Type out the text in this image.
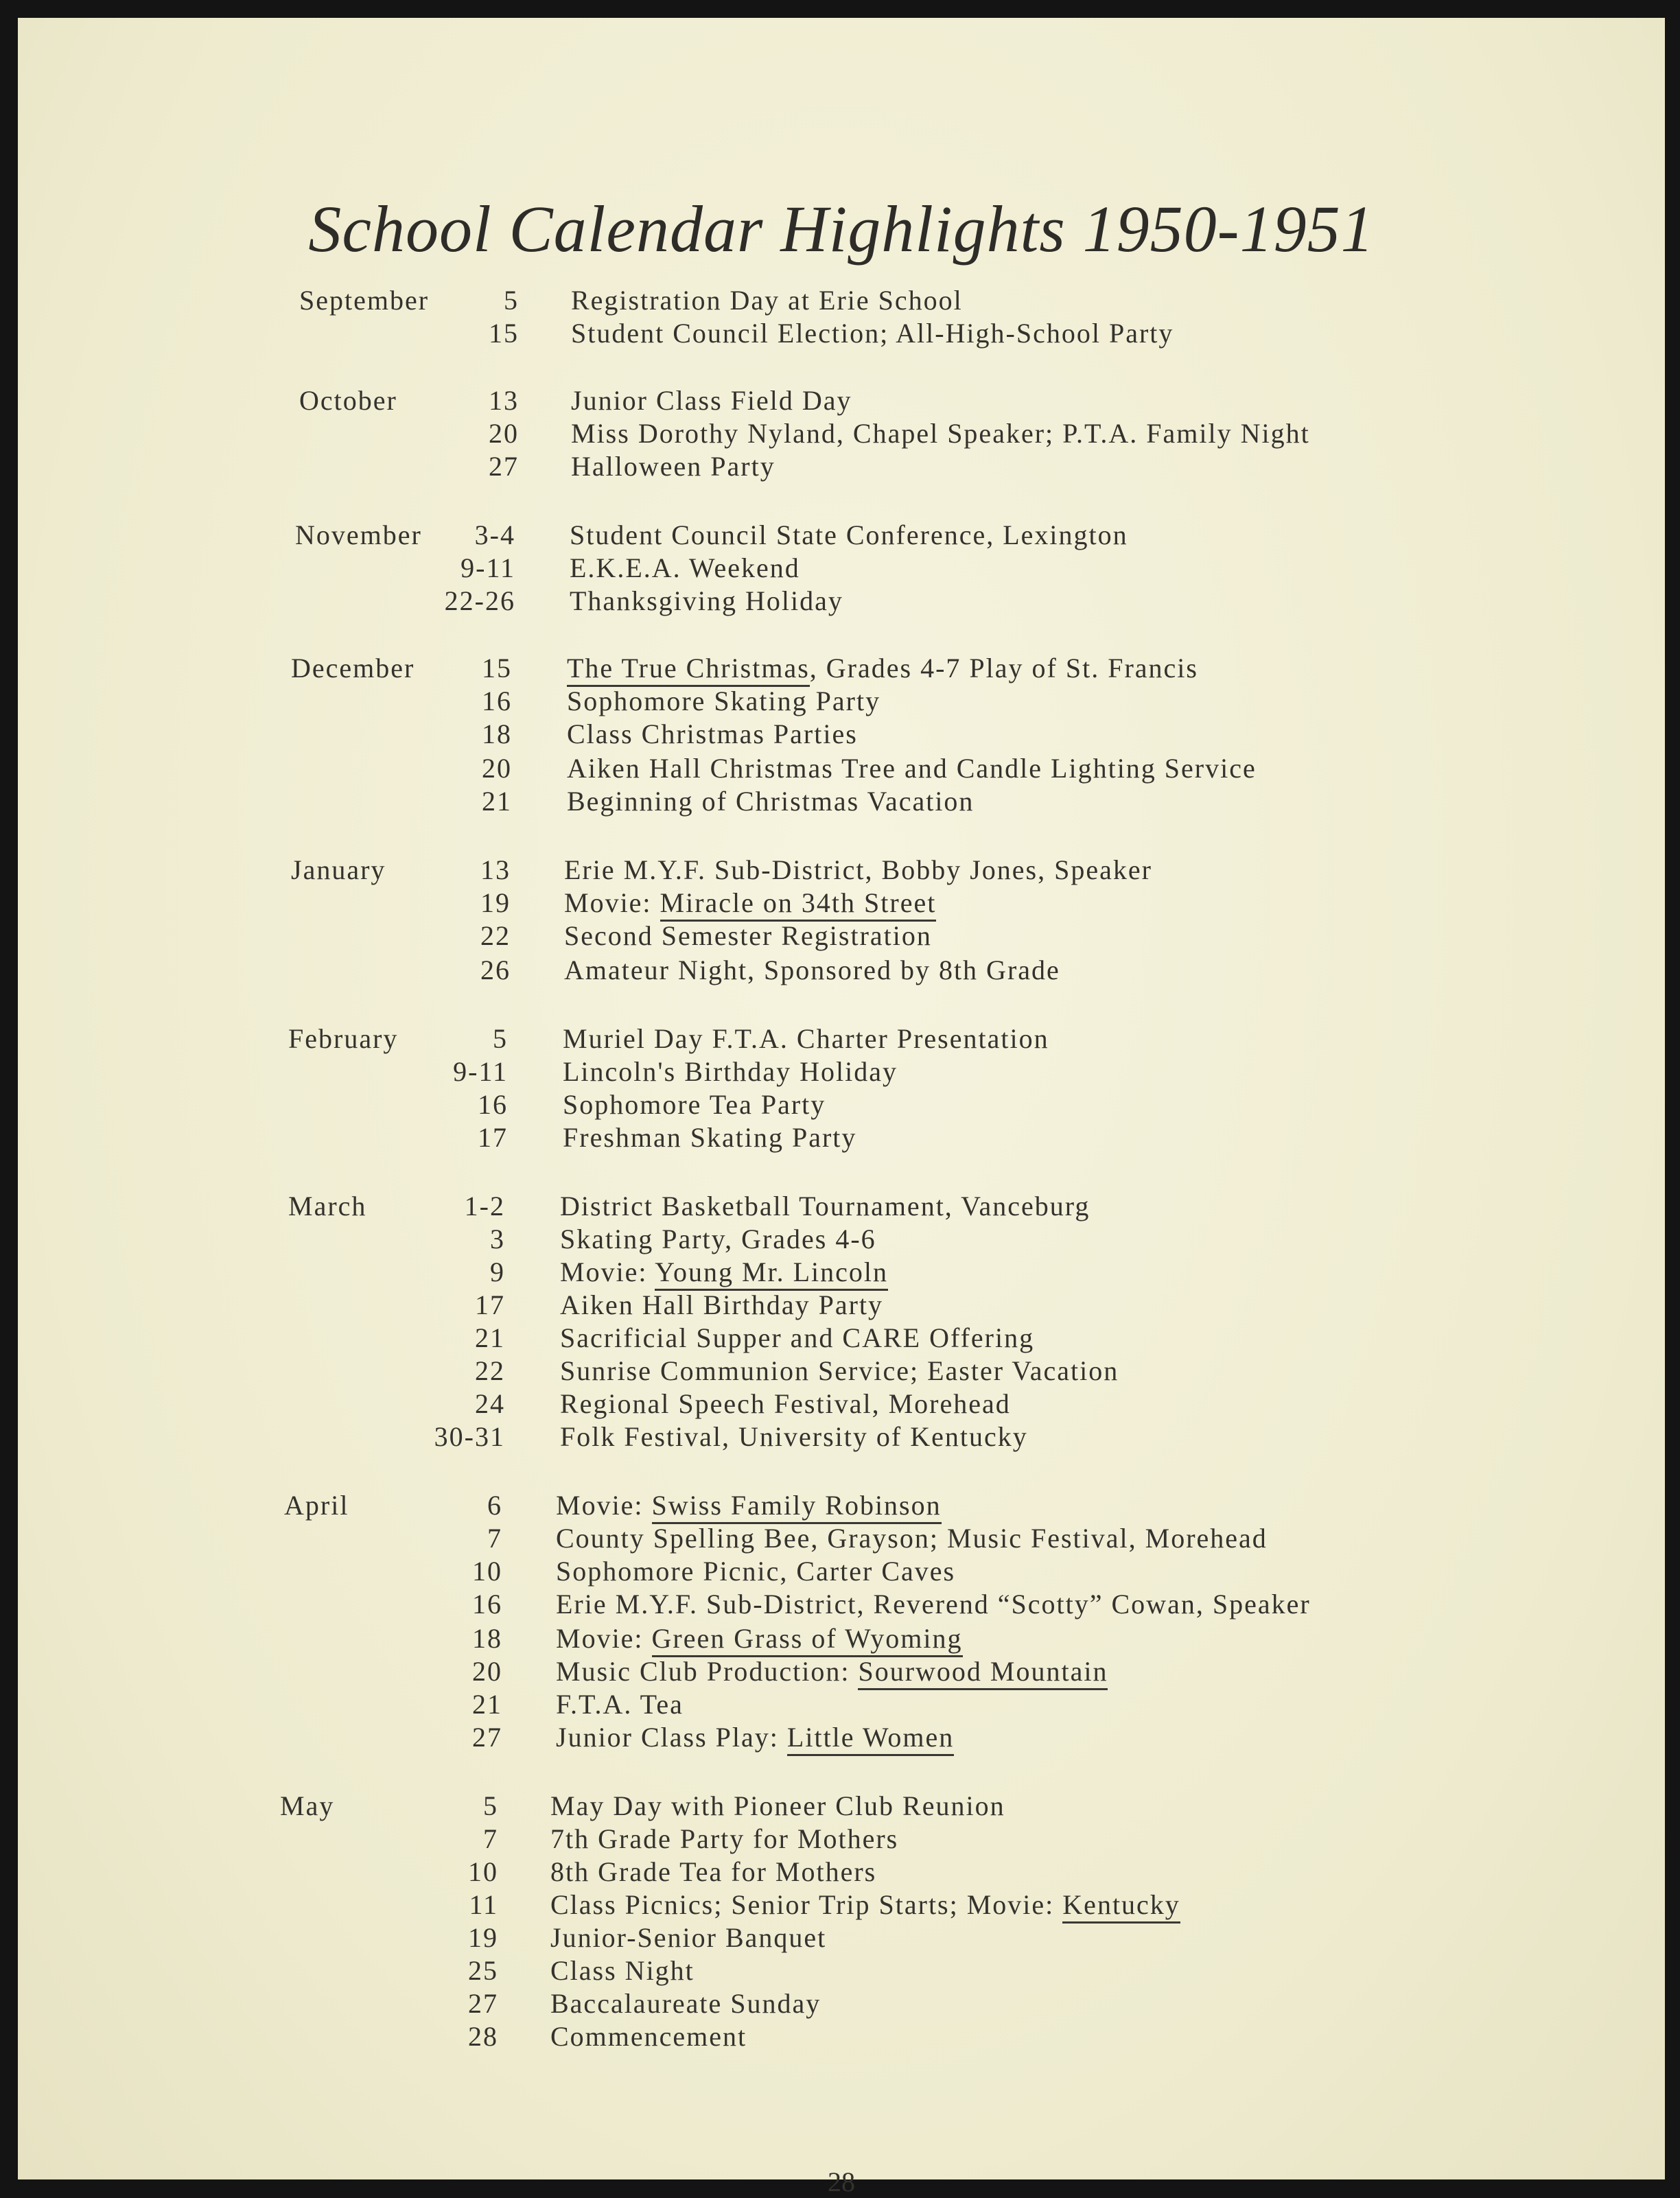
School Calendar Highlights 1950-1951
September	5 Registration Day at Erie School
15 Student Council Election; All-High-School Party
October	13 Junior Class Field Day
20 Miss Dorothy Nyland, Chapel Speaker; P.T.A. Family Night
27 Halloween Party
November	3-4 Student Council State Conference, Lexington
9-11 E.K.E.A. Weekend
22-26 Thanksgiving Holiday
December	15 The True Christmas, Grades 4-7 Play of St. Francis
16 Sophomore Skating Party
18 Class Christmas Parties
20 Aiken Hall Christmas Tree and Candle Lighting Service
21 Beginning of Christmas Vacation
January	13 Erie M.Y.F. Sub-District, Bobby Jones, Speaker
19 Movie: Miracle on 34th Street
22 Second Semester Registration
26 Amateur Night, Sponsored by 8th Grade
February	5 Muriel Day F.T.A. Charter Presentation
9-11 Lincoln's Birthday Holiday
16 Sophomore Tea Party
17 Freshman Skating Party
March	1-2 District Basketball Tournament, Vanceburg
3 Skating Party, Grades 4-6
9 Movie: Young Mr. Lincoln
17 Aiken Hall Birthday Party
21 Sacrificial Supper and CARE Offering
22 Sunrise Communion Service; Easter Vacation
24 Regional Speech Festival, Morehead
30-31 Folk Festival, University of Kentucky
April	6 Movie: Swiss Family Robinson
7 County Spelling Bee, Grayson; Music Festival, Morehead
10 Sophomore Picnic, Carter Caves
16 Erie M.Y.F. Sub-District, Reverend “Scotty” Cowan, Speaker
18 Movie: Green Grass of Wyoming
20 Music Club Production: Sourwood Mountain
21 F.T.A. Tea
27 Junior Class Play: Little Women
May	5 May Day with Pioneer Club Reunion
7 7th Grade Party for Mothers
10 8th Grade Tea for Mothers
11 Class Picnics; Senior Trip Starts; Movie: Kentucky
19 Junior-Senior Banquet
25 Class Night
27 Baccalaureate Sunday
28 Commencement
28
